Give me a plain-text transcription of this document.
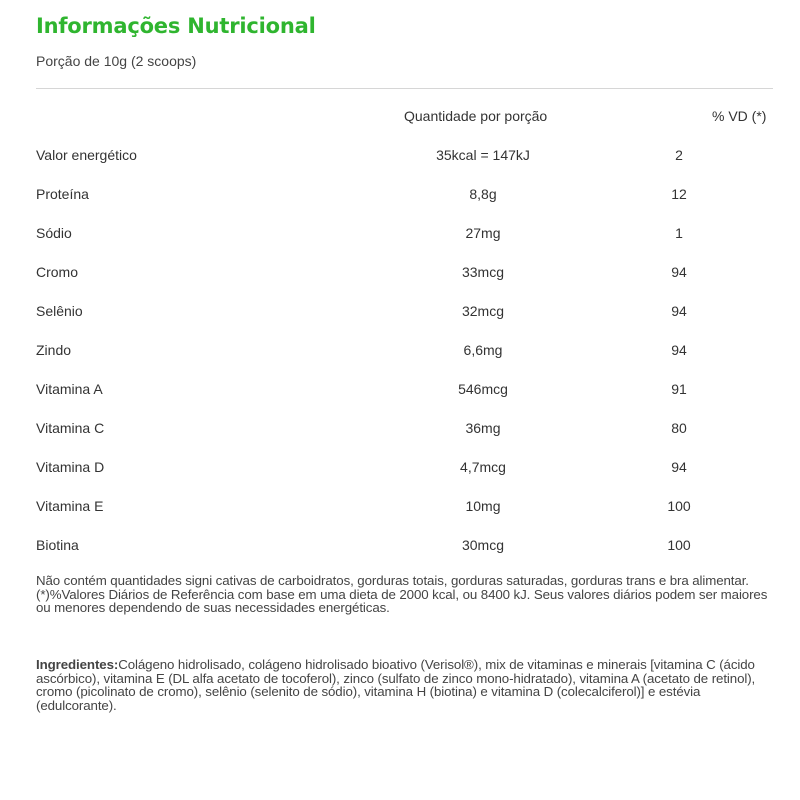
Informações Nutricional
Porção de 10g (2 scoops)
Quantidade por porção	% VD (*)
Valor energético	35kcal = 147kJ	2
Proteína	8,8g	12
Sódio	27mg	1
Cromo	33mcg	94
Selênio	32mcg	94
Zindo	6,6mg	94
Vitamina A	546mcg	91
Vitamina C	36mg	80
Vitamina D	4,7mcg	94
Vitamina E	10mg	100
Biotina	30mcg	100
Não contém quantidades signi cativas de carboidratos, gorduras totais, gorduras saturadas, gorduras trans e bra alimentar. (*)%Valores Diários de Referência com base em uma dieta de 2000 kcal, ou 8400 kJ. Seus valores diários podem ser maiores ou menores dependendo de suas necessidades energéticas.
Ingredientes:Colágeno hidrolisado, colágeno hidrolisado bioativo (Verisol®), mix de vitaminas e minerais [vitamina C (ácido ascórbico), vitamina E (DL alfa acetato de tocoferol), zinco (sulfato de zinco mono-hidratado), vitamina A (acetato de retinol), cromo (picolinato de cromo), selênio (selenito de sódio), vitamina H (biotina) e vitamina D (colecalciferol)] e estévia (edulcorante).
